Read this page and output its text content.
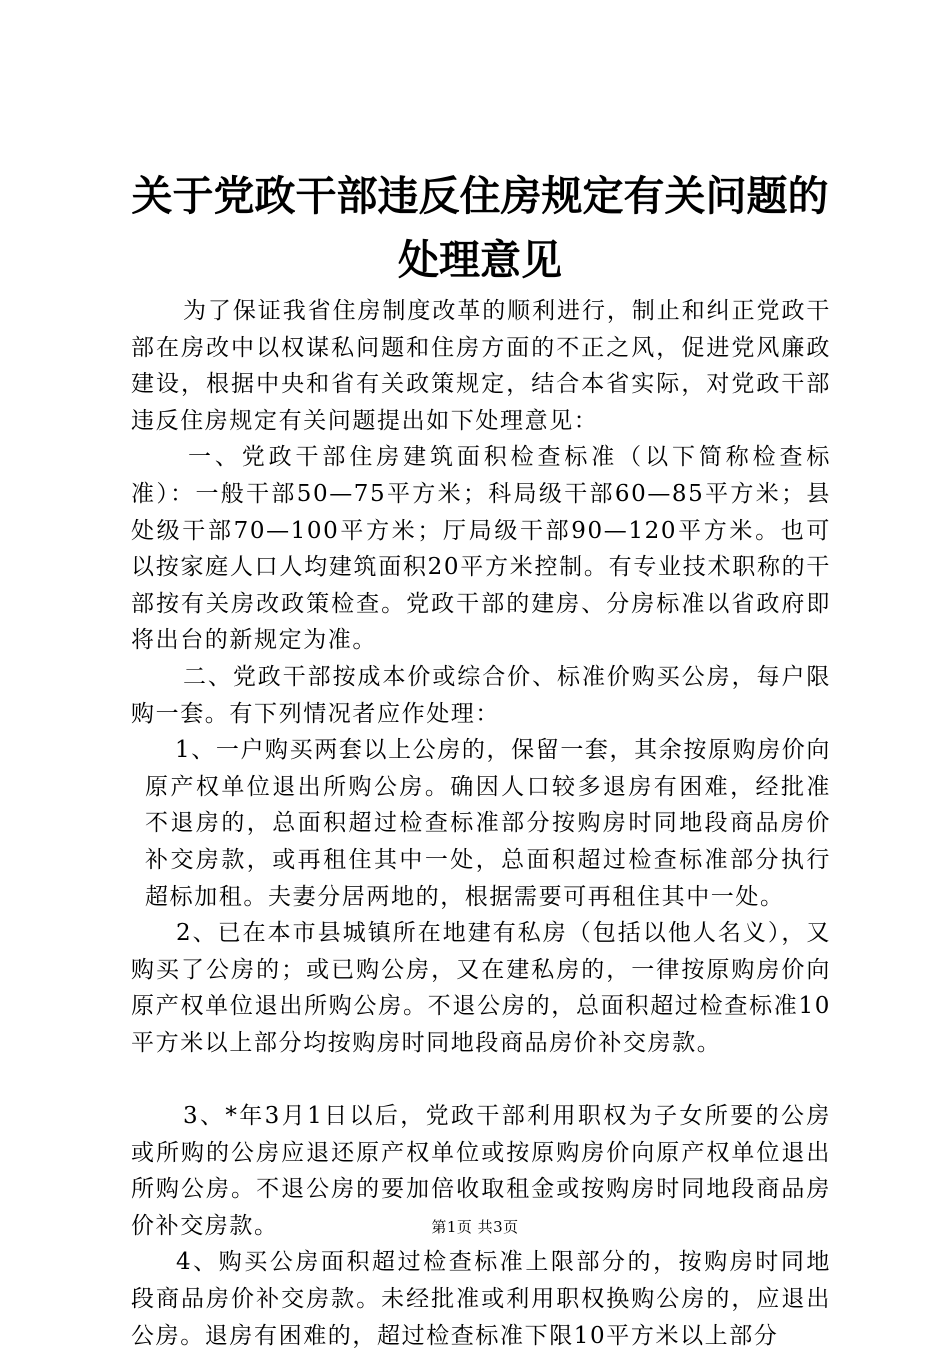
关于党政干部违反住房规定有关问题的处理意见

为了保证我省住房制度改革的顺利进行，制止和纠正党政干部在房改中以权谋私问题和住房方面的不正之风，促进党风廉政建设，根据中央和省有关政策规定，结合本省实际，对党政干部违反住房规定有关问题提出如下处理意见：

一、党政干部住房建筑面积检查标准（以下简称检查标准）：一般干部50—75平方米；科局级干部60—85平方米；县处级干部70—100平方米；厅局级干部90—120平方米。也可以按家庭人口人均建筑面积20平方米控制。有专业技术职称的干部按有关房改政策检查。党政干部的建房、分房标准以省政府即将出台的新规定为准。

二、党政干部按成本价或综合价、标准价购买公房，每户限购一套。有下列情况者应作处理：

1、一户购买两套以上公房的，保留一套，其余按原购房价向原产权单位退出所购公房。确因人口较多退房有困难，经批准不退房的，总面积超过检查标准部分按购房时同地段商品房价补交房款，或再租住其中一处，总面积超过检查标准部分执行超标加租。夫妻分居两地的，根据需要可再租住其中一处。

2、已在本市县城镇所在地建有私房（包括以他人名义），又购买了公房的；或已购公房，又在建私房的，一律按原购房价向原产权单位退出所购公房。不退公房的，总面积超过检查标准10平方米以上部分均按购房时同地段商品房价补交房款。

3、*年3月1日以后，党政干部利用职权为子女所要的公房或所购的公房应退还原产权单位或按原购房价向原产权单位退出所购公房。不退公房的要加倍收取租金或按购房时同地段商品房价补交房款。

4、购买公房面积超过检查标准上限部分的，按购房时同地段商品房价补交房款。未经批准或利用职权换购公房的，应退出公房。退房有困难的，超过检查标准下限10平方米以上部分

第1页 共3页
